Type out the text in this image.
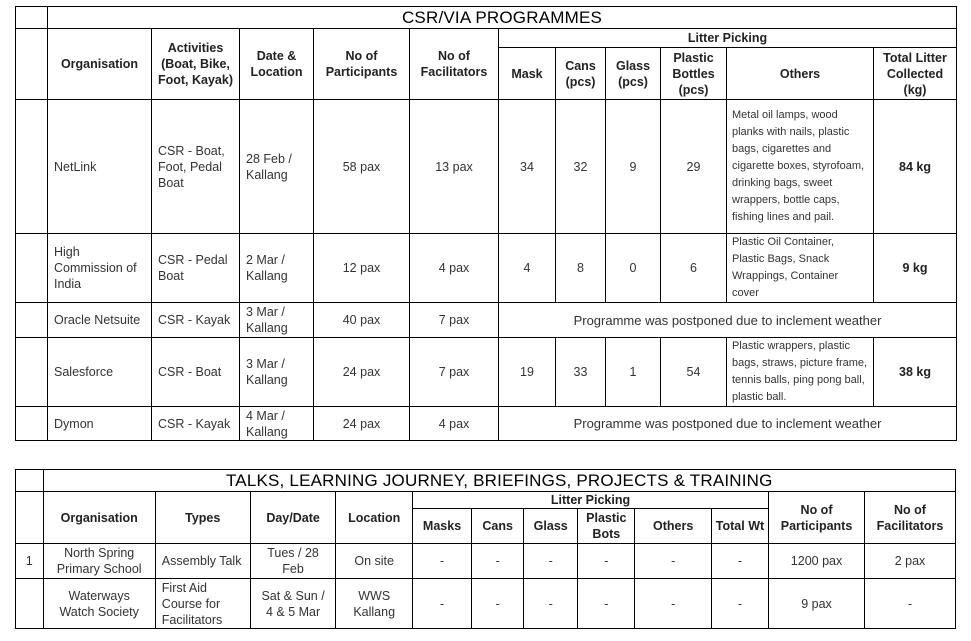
	CSR/VIA PROGRAMMES										
	Organisation	Activities (Boat, Bike, Foot, Kayak)	Date & Location	No of Participants	No of Facilitators	Litter Picking					
						Mask	Cans (pcs)	Glass (pcs)	Plastic Bottles (pcs)	Others	Total Litter Collected (kg)
	NetLink	CSR - Boat, Foot, Pedal Boat	28 Feb / Kallang	58 pax	13 pax	34	32	9	29	Metal oil lamps, wood planks with nails, plastic bags, cigarettes and cigarette boxes, styrofoam, drinking bags, sweet wrappers, bottle caps, fishing lines and pail.	84 kg
	High Commission of India	CSR - Pedal Boat	2 Mar / Kallang	12 pax	4 pax	4	8	0	6	Plastic Oil Container, Plastic Bags, Snack Wrappings, Container cover	9 kg
	Oracle Netsuite	CSR - Kayak	3 Mar / Kallang	40 pax	7 pax	Programme was postponed due to inclement weather					
	Salesforce	CSR - Boat	3 Mar / Kallang	24 pax	7 pax	19	33	1	54	Plastic wrappers, plastic bags, straws, picture frame, tennis balls, ping pong ball, plastic ball.	38 kg
	Dymon	CSR - Kayak	4 Mar / Kallang	24 pax	4 pax	Programme was postponed due to inclement weather					
	TALKS, LEARNING JOURNEY, BRIEFINGS, PROJECTS & TRAINING											
	Organisation	Types	Day/Date	Location	Litter Picking						No of Participants	No of Facilitators
					Masks	Cans	Glass	Plastic Bots	Others	Total Wt		
1	North Spring Primary School	Assembly Talk	Tues / 28 Feb	On site	-	-	-	-	-	-	1200 pax	2 pax
	Waterways Watch Society	First Aid Course for Facilitators	Sat & Sun / 4 & 5 Mar	WWS Kallang	-	-	-	-	-	-	9 pax	-
